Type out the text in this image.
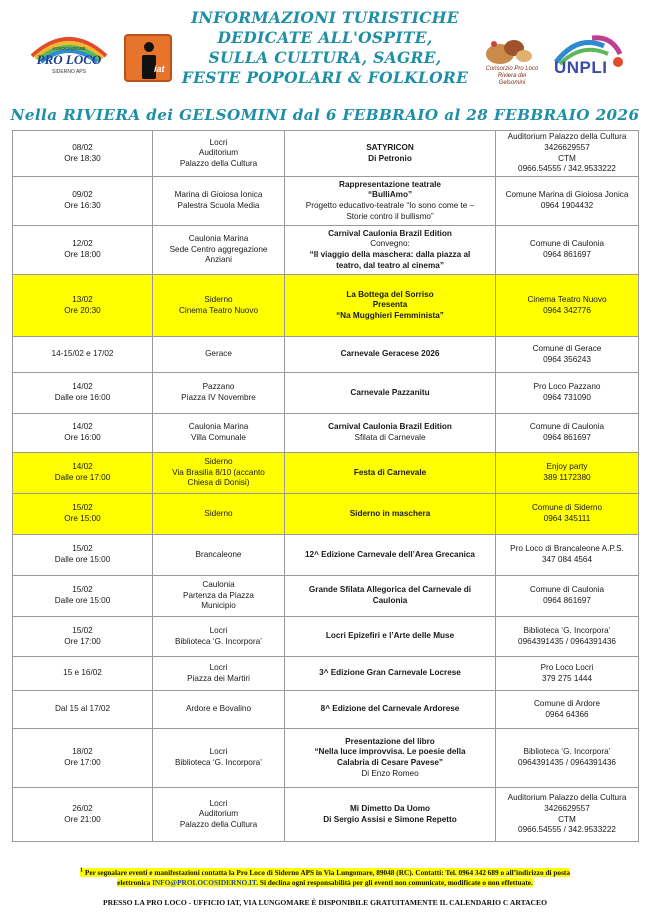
ASSOCIAZIONE
PRO LOCO
SIDERNO APS	iat
INFORMAZIONI TURISTICHE
DEDICATE ALL'OSPITE,
SULLA CULTURA, SAGRE,
FESTE POPOLARI & FOLKLORE	Consorzio Pro Loco Riviera dei Gelsomini
UNPLI
Nella RIVIERA dei GELSOMINI dal 6 FEBBRAIO al 28 FEBBRAIO 2026
08/02
Ore 18:30	Locri
Auditorium
Palazzo della Cultura	SATYRICON
Di Petronio	Auditorium Palazzo della Cultura
3426629557
CTM
0966.54555 / 342.9533222

09/02
Ore 16:30	Marina di Gioiosa Ionica
Palestra Scuola Media	Rappresentazione teatrale
“BulliAmo”
Progetto educativo-teatrale “Io sono come te –
Storie contro il bullismo”	Comune Marina di Gioiosa Jonica
0964 1904432

12/02
Ore 18:00	Caulonia Marina
Sede Centro aggregazione
Anziani	Carnival Caulonia Brazil Edition
Convegno:
“Il viaggio della maschera: dalla piazza al
teatro, dal teatro al cinema”	Comune di Caulonia
0964 861697

13/02
Ore 20:30	Siderno
Cinema Teatro Nuovo	La Bottega del Sorriso
Presenta
“Na Mugghieri Femminista”	Cinema Teatro Nuovo
0964 342776

14-15/02 e 17/02	Gerace	Carnevale Geracese 2026	Comune di Gerace
0964 356243

14/02
Dalle ore 16:00	Pazzano
Piazza IV Novembre	Carnevale Pazzanitu	Pro Loco Pazzano
0964 731090

14/02
Ore 16:00	Caulonia Marina
Villa Comunale	Carnival Caulonia Brazil Edition
Sfilata di Carnevale	Comune di Caulonia
0964 861697

14/02
Dalle ore 17:00	Siderno
Via Brasilia 8/10 (accanto
Chiesa di Donisi)	Festa di Carnevale	Enjoy party
389 1172380

15/02
Ore 15:00	Siderno	Siderno in maschera	Comune di Siderno
0964 345111

15/02
Dalle ore 15:00	Brancaleone	12^ Edizione Carnevale dell’Area Grecanica	Pro Loco di Brancaleone A.P.S.
347 084 4564

15/02
Dalle ore 15:00	Caulonia
Partenza da Piazza
Municipio	Grande Sfilata Allegorica del Carnevale di
Caulonia	Comune di Caulonia
0964 861697

15/02
Ore 17:00	Locri
Biblioteca ‘G. Incorpora’	Locri Epizefiri e l’Arte delle Muse	Biblioteca ‘G. Incorpora’
0964391435 / 0964391436

15 e 16/02	Locri
Piazza dei Martiri	3^ Edizione Gran Carnevale Locrese	Pro Loco Locri
379 275 1444

Dal 15 al 17/02	Ardore e Bovalino	8^ Edizione del Carnevale Ardorese	Comune di Ardore
0964 64366

18/02
Ore 17:00	Locri
Biblioteca ‘G. Incorpora’	Presentazione del libro
“Nella luce improvvisa. Le poesie della
Calabria di Cesare Pavese”
Di Enzo Romeo	Biblioteca ‘G. Incorpora’
0964391435 / 0964391436

26/02
Ore 21:00	Locri
Auditorium
Palazzo della Cultura	Mi Dimetto Da Uomo
Di Sergio Assisi e Simone Repetto	Auditorium Palazzo della Cultura
3426629557
CTM
0966.54555 / 342.9533222
$^1$ Per segnalare eventi e manifestazioni contatta la Pro Loco di Siderno APS in Via Lungomare, 89048 (RC). Contatti: Tel. 0964 342 689 o all’indirizzo di posta
elettronica INFO@PROLOCOSIDERNO.IT. Si declina ogni responsabilità per gli eventi non comunicate, modificate o non effettuate.
PRESSO LA PRO LOCO - UFFICIO IAT, VIA LUNGOMARE È DISPONIBILE GRATUITAMENTE IL CALENDARIO C ARTACEO
